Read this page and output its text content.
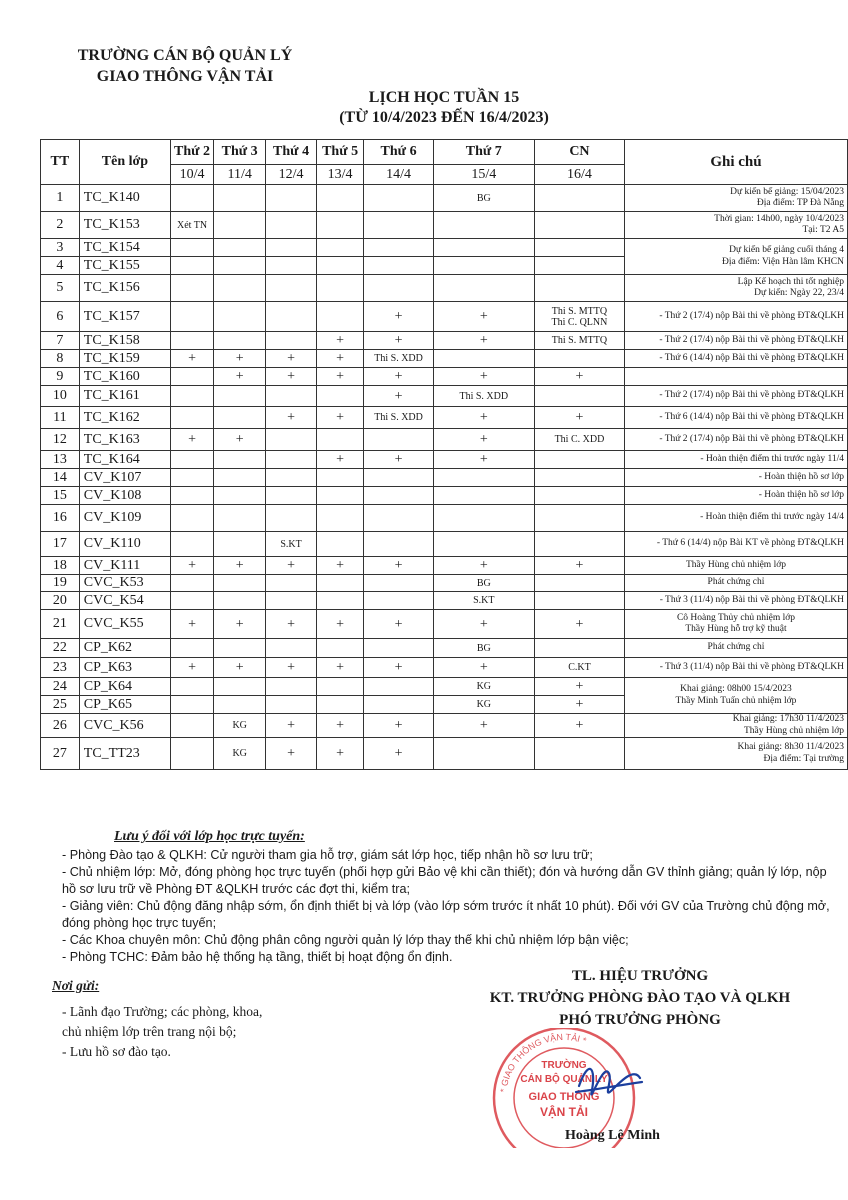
TRƯỜNG CÁN BỘ QUẢN LÝ
GIAO THÔNG VẬN TẢI
LỊCH HỌC TUẦN 15
(TỪ 10/4/2023 ĐẾN 16/4/2023)
TT	Tên lớp	Thứ 2	Thứ 3	Thứ 4	Thứ 5	Thứ 6	Thứ 7	CN	Ghi chú
		10/4	11/4	12/4	13/4	14/4	15/4	16/4	
1	TC_K140						BG		Dự kiến bế giảng: 15/04/2023
Địa điểm: TP Đà Nẵng
2	TC_K153	Xét TN							Thời gian: 14h00, ngày 10/4/2023
Tại: T2 A5
3	TC_K154								Dự kiến bế giảng cuối tháng 4
Địa điểm: Viện Hàn lâm KHCN
4	TC_K155								
5	TC_K156								Lập Kế hoạch thi tốt nghiệp
Dự kiến: Ngày 22, 23/4
6	TC_K157					+	+	Thi S. MTTQ
Thi C. QLNN	- Thứ 2 (17/4) nộp Bài thi về phòng ĐT&QLKH
7	TC_K158				+	+	+	Thi S. MTTQ	- Thứ 2 (17/4) nộp Bài thi về phòng ĐT&QLKH
8	TC_K159	+	+	+	+	Thi S. XDD			- Thứ 6 (14/4) nộp Bài thi về phòng ĐT&QLKH
9	TC_K160		+	+	+	+	+	+	
10	TC_K161					+	Thi S. XDD		- Thứ 2 (17/4) nộp Bài thi về phòng ĐT&QLKH
11	TC_K162			+	+	Thi S. XDD	+	+	- Thứ 6 (14/4) nộp Bài thi về phòng ĐT&QLKH
12	TC_K163	+	+				+	Thi C. XDD	- Thứ 2 (17/4) nộp Bài thi về phòng ĐT&QLKH
13	TC_K164				+	+	+		- Hoàn thiện điểm thi trước ngày 11/4
14	CV_K107								- Hoàn thiện hồ sơ lớp
15	CV_K108								- Hoàn thiện hồ sơ lớp
16	CV_K109								- Hoàn thiện điểm thi trước ngày 14/4
17	CV_K110			S.KT					- Thứ 6 (14/4) nộp Bài KT về phòng ĐT&QLKH
18	CV_K111	+	+	+	+	+	+	+	Thầy Hùng chủ nhiệm lớp
19	CVC_K53						BG		Phát chứng chỉ
20	CVC_K54						S.KT		- Thứ 3 (11/4) nộp Bài thi về phòng ĐT&QLKH
21	CVC_K55	+	+	+	+	+	+	+	Cô Hoàng Thủy chủ nhiệm lớp
Thầy Hùng hỗ trợ kỹ thuật
22	CP_K62						BG		Phát chứng chỉ
23	CP_K63	+	+	+	+	+	+	C.KT	- Thứ 3 (11/4) nộp Bài thi về phòng ĐT&QLKH
24	CP_K64						KG	+	Khai giảng: 08h00 15/4/2023
Thầy Minh Tuấn chủ nhiệm lớp
25	CP_K65						KG	+	
26	CVC_K56		KG	+	+	+	+	+	Khai giảng: 17h30 11/4/2023
Thầy Hùng chủ nhiệm lớp
27	TC_TT23		KG	+	+	+			Khai giảng: 8h30 11/4/2023
Địa điểm: Tại trường
Lưu ý đối với lớp học trực tuyến:
- Phòng Đào tạo & QLKH: Cử người tham gia hỗ trợ, giám sát lớp học, tiếp nhận hồ sơ lưu trữ;
- Chủ nhiệm lớp: Mở, đóng phòng học trực tuyến (phối hợp gửi Bảo vệ khi cần thiết); đón và hướng dẫn GV thỉnh giảng; quản lý lớp, nộp hồ sơ lưu trữ về Phòng ĐT &QLKH trước các đợt thi, kiểm tra;
- Giảng viên: Chủ động đăng nhập sớm, ổn định thiết bị và lớp (vào lớp sớm trước ít nhất 10 phút). Đối với GV của Trường chủ động mở, đóng phòng học trực tuyến;
- Các Khoa chuyên môn: Chủ động phân công người quản lý lớp thay thế khi chủ nhiệm lớp bận việc;
- Phòng TCHC: Đảm bảo hệ thống hạ tầng, thiết bị hoạt động ổn định.
Nơi gửi:
- Lãnh đạo Trường; các phòng, khoa, chủ nhiệm lớp trên trang nội bộ;
- Lưu hồ sơ đào tạo.
TL. HIỆU TRƯỞNG
KT. TRƯỞNG PHÒNG ĐÀO TẠO VÀ QLKH
PHÓ TRƯỞNG PHÒNG
* GIAO THÔNG VẬN TẢI *
TRƯỜNG
CÁN BỘ QUẢN LÝ
GIAO THÔNG
VẬN TẢI
Hoàng Lê Minh
